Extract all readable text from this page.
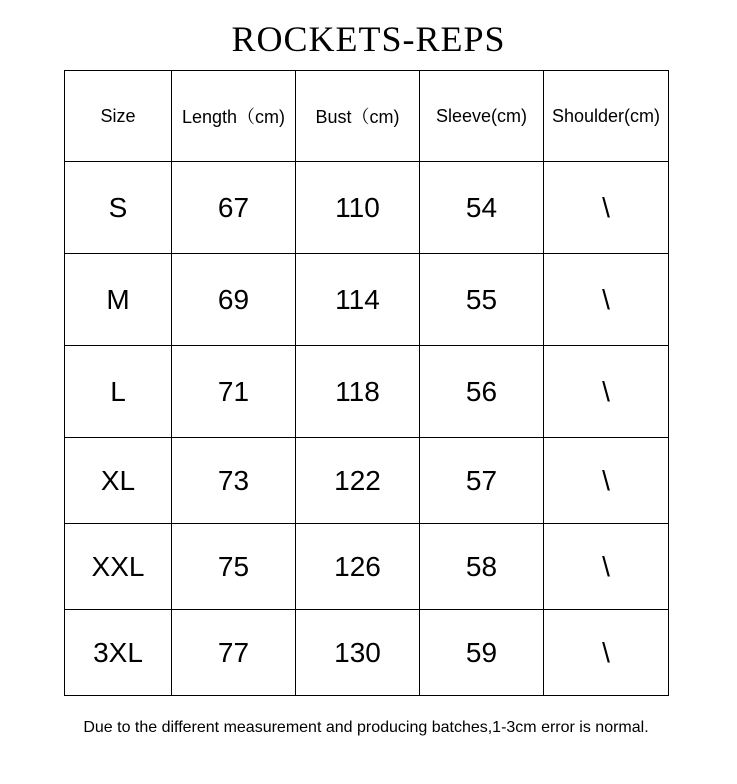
ROCKETS-REPS
Size	Length（cm)	Bust（cm)	Sleeve(cm)	Shoulder(cm)
S	67	110	54	\
M	69	114	55	\
L	71	118	56	\
XL	73	122	57	\
XXL	75	126	58	\
3XL	77	130	59	\
Due to the different measurement and producing batches,1-3cm error is normal.
